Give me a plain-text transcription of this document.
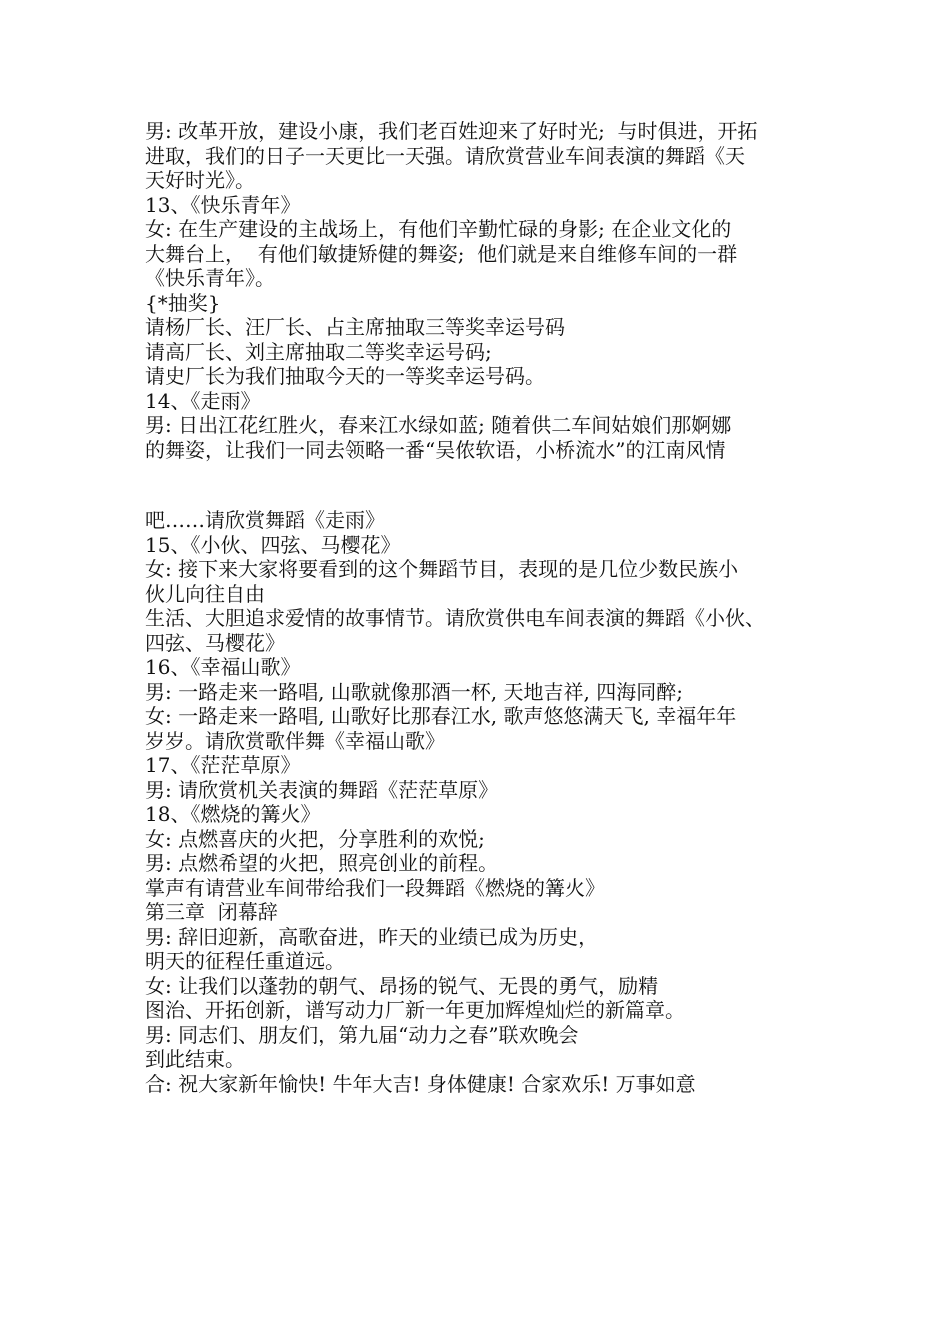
男: 改革开放，建设小康，我们老百姓迎来了好时光;  与时俱进，开拓
进取，我们的日子一天更比一天强。请欣赏营业车间表演的舞蹈《天
天好时光》。
13、《快乐青年》
女: 在生产建设的主战场上，有他们辛勤忙碌的身影; 在企业文化的
大舞台上，  有他们敏捷矫健的舞姿;  他们就是来自维修车间的一群
《快乐青年》。
{*抽奖}
请杨厂长、汪厂长、占主席抽取三等奖幸运号码
请高厂长、刘主席抽取二等奖幸运号码;
请史厂长为我们抽取今天的一等奖幸运号码。
14、《走雨》
男: 日出江花红胜火，春来江水绿如蓝; 随着供二车间姑娘们那婀娜
的舞姿，让我们一同去领略一番“吴侬软语，小桥流水”的江南风情
吧……请欣赏舞蹈《走雨》
15、《小伙、四弦、马樱花》
女: 接下来大家将要看到的这个舞蹈节目，表现的是几位少数民族小
伙儿向往自由
生活、大胆追求爱情的故事情节。请欣赏供电车间表演的舞蹈《小伙、
四弦、马樱花》
16、《幸福山歌》
男: 一路走来一路唱, 山歌就像那酒一杯, 天地吉祥, 四海同醉;
女: 一路走来一路唱, 山歌好比那春江水, 歌声悠悠满天飞, 幸福年年
岁岁。请欣赏歌伴舞《幸福山歌》
17、《茫茫草原》
男: 请欣赏机关表演的舞蹈《茫茫草原》
18、《燃烧的篝火》
女: 点燃喜庆的火把，分享胜利的欢悦;
男: 点燃希望的火把，照亮创业的前程。
掌声有请营业车间带给我们一段舞蹈《燃烧的篝火》
第三章  闭幕辞
男: 辞旧迎新，高歌奋进，昨天的业绩已成为历史，
明天的征程任重道远。
女: 让我们以蓬勃的朝气、昂扬的锐气、无畏的勇气，励精
图治、开拓创新，谱写动力厂新一年更加辉煌灿烂的新篇章。
男: 同志们、朋友们，第九届“动力之春”联欢晚会
到此结束。
合: 祝大家新年愉快! 牛年大吉! 身体健康! 合家欢乐! 万事如意
